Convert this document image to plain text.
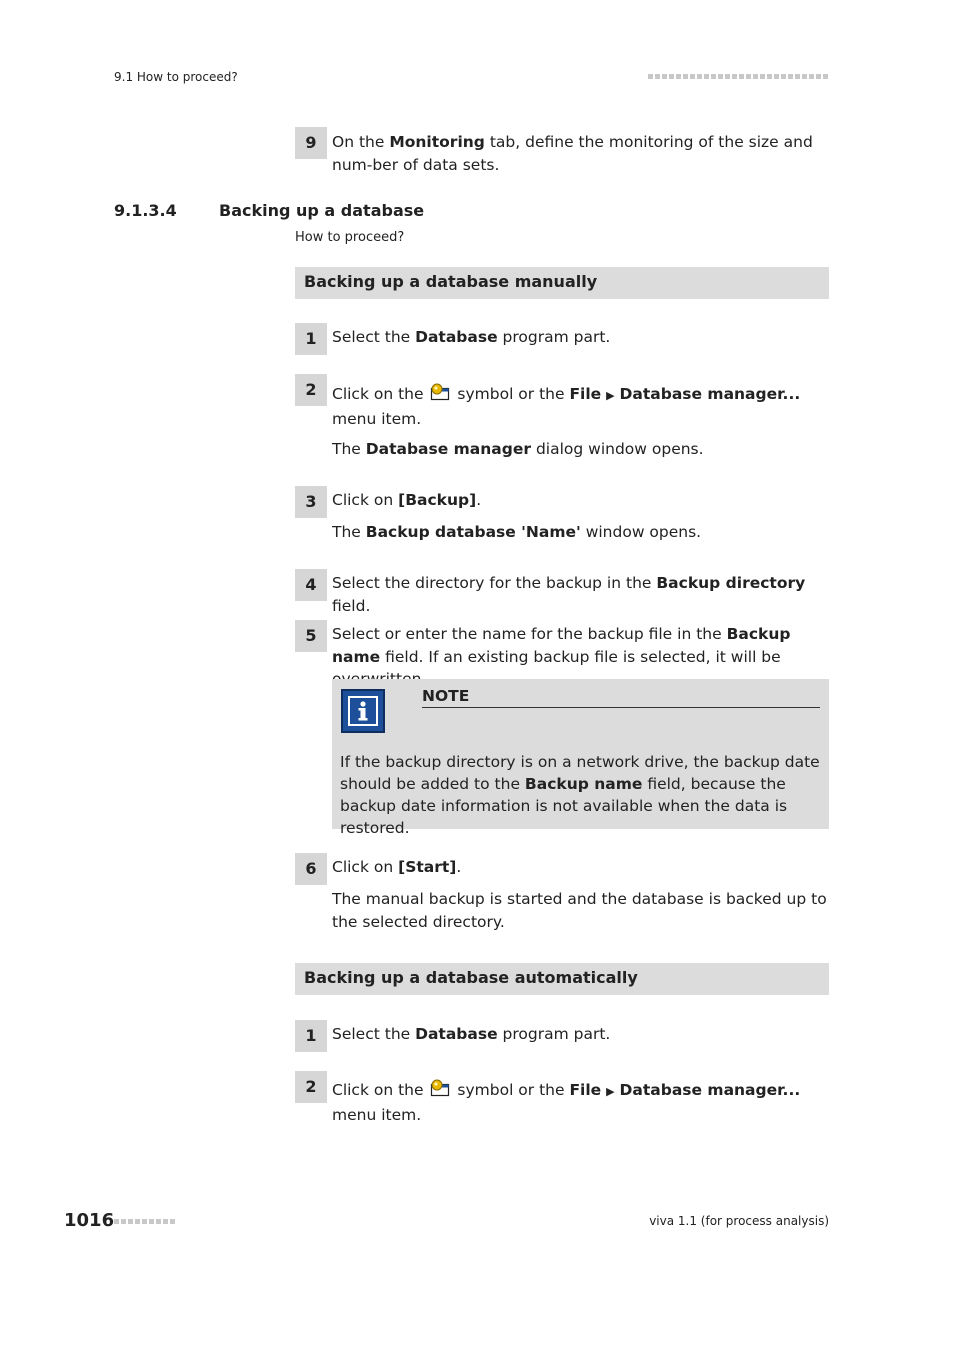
9.1 How to proceed?
9 On the Monitoring tab, define the monitoring of the size and num-ber of data sets.
9.1.3.4	Backing up a database
How to proceed?
Backing up a database manually
1 Select the Database program part.
2 Click on the  symbol or the File ▶ Database manager... menu item.
The Database manager dialog window opens.
3 Click on [Backup].
The Backup database 'Name' window opens.
4 Select the directory for the backup in the Backup directory field.
5 Select or enter the name for the backup file in the Backup name field. If an existing backup file is selected, it will be
NOTE
If the backup directory is on a network drive, the backup date should be added to the Backup name field, because the backup date information is not available when the data is restored.
6 Click on [Start].
The manual backup is started and the database is backed up to the selected directory.
Backing up a database automatically
1 Select the Database program part.
2 Click on the  symbol or the File ▶ Database manager... menu item.
1016	viva 1.1 (for process analysis)
